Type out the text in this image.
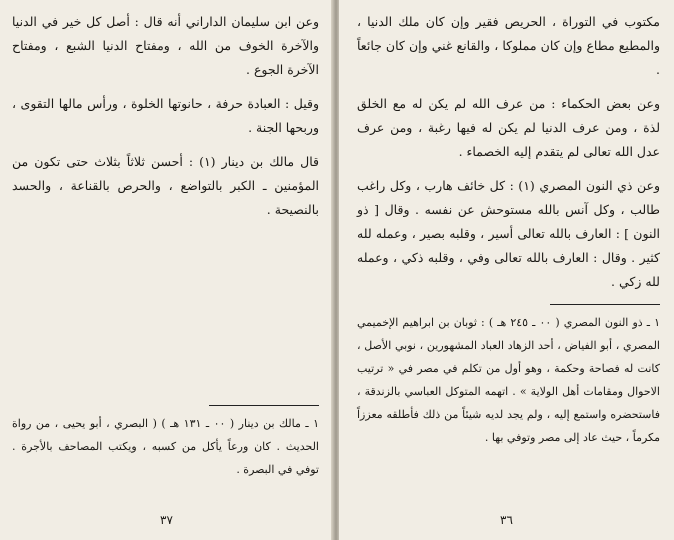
وعن ابن سليمان الداراني أنه قال : أصل كل خير في الدنيا والآخرة الخوف من الله ، ومفتاح الدنيا الشبع ، ومفتاح الآخرة الجوع .

وقيل : العبادة حرفة ، حانوتها الخلوة ، ورأس مالها التقوى ، وربحها الجنة .

قال مالك بن دينار (١) : أحسن ثلاثاً بثلاث حتى تكون من المؤمنين ـ الكبر بالتواضع ، والحرص بالقناعة ، والحسد بالنصيحة .

١ ـ مالك بن دينار ( ٠٠ ـ ١٣١ هـ ) ( البصري ، أبو يحيى ، من رواة الحديث . كان ورعاً يأكل من كسبه ، ويكتب المصاحف بالأجرة . توفي في البصرة .
٣٧

مكتوب في التوراة ، الحريص فقير وإن كان ملك الدنيا ، والمطيع مطاع وإن كان مملوكا ، والقانع غني وإن كان جائعاً .

وعن بعض الحكماء : من عرف الله لم يكن له مع الخلق لذة ، ومن عرف الدنيا لم يكن له فيها رغبة ، ومن عرف عدل الله تعالى لم يتقدم إليه الخصماء .

وعن ذي النون المصري (١) : كل خائف هارب ، وكل راغب طالب ، وكل آنس بالله مستوحش عن نفسه . وقال [ ذو النون ] : العارف بالله تعالى أسير ، وقلبه بصير ، وعمله لله كثير . وقال : العارف بالله تعالى وفي ، وقلبه ذكي ، وعمله لله زكي .

١ ـ ذو النون المصري ( ٠٠ ـ ٢٤٥ هـ ) : ثوبان بن ابراهيم الإخميمي المصري ، أبو الفياض ، أحد الزهاد العباد المشهورين ، نوبي الأصل ، كانت له فصاحة وحكمة ، وهو أول من تكلم في مصر في « ترتيب الاحوال ومقامات أهل الولاية » . اتهمه المتوكل العباسي بالزندقة ، فاستحضره واستمع إليه ، ولم يجد لديه شيئاً من ذلك فأطلقه معززاً مكرماً ، حيث عاد إلى مصر وتوفي بها .
٣٦
